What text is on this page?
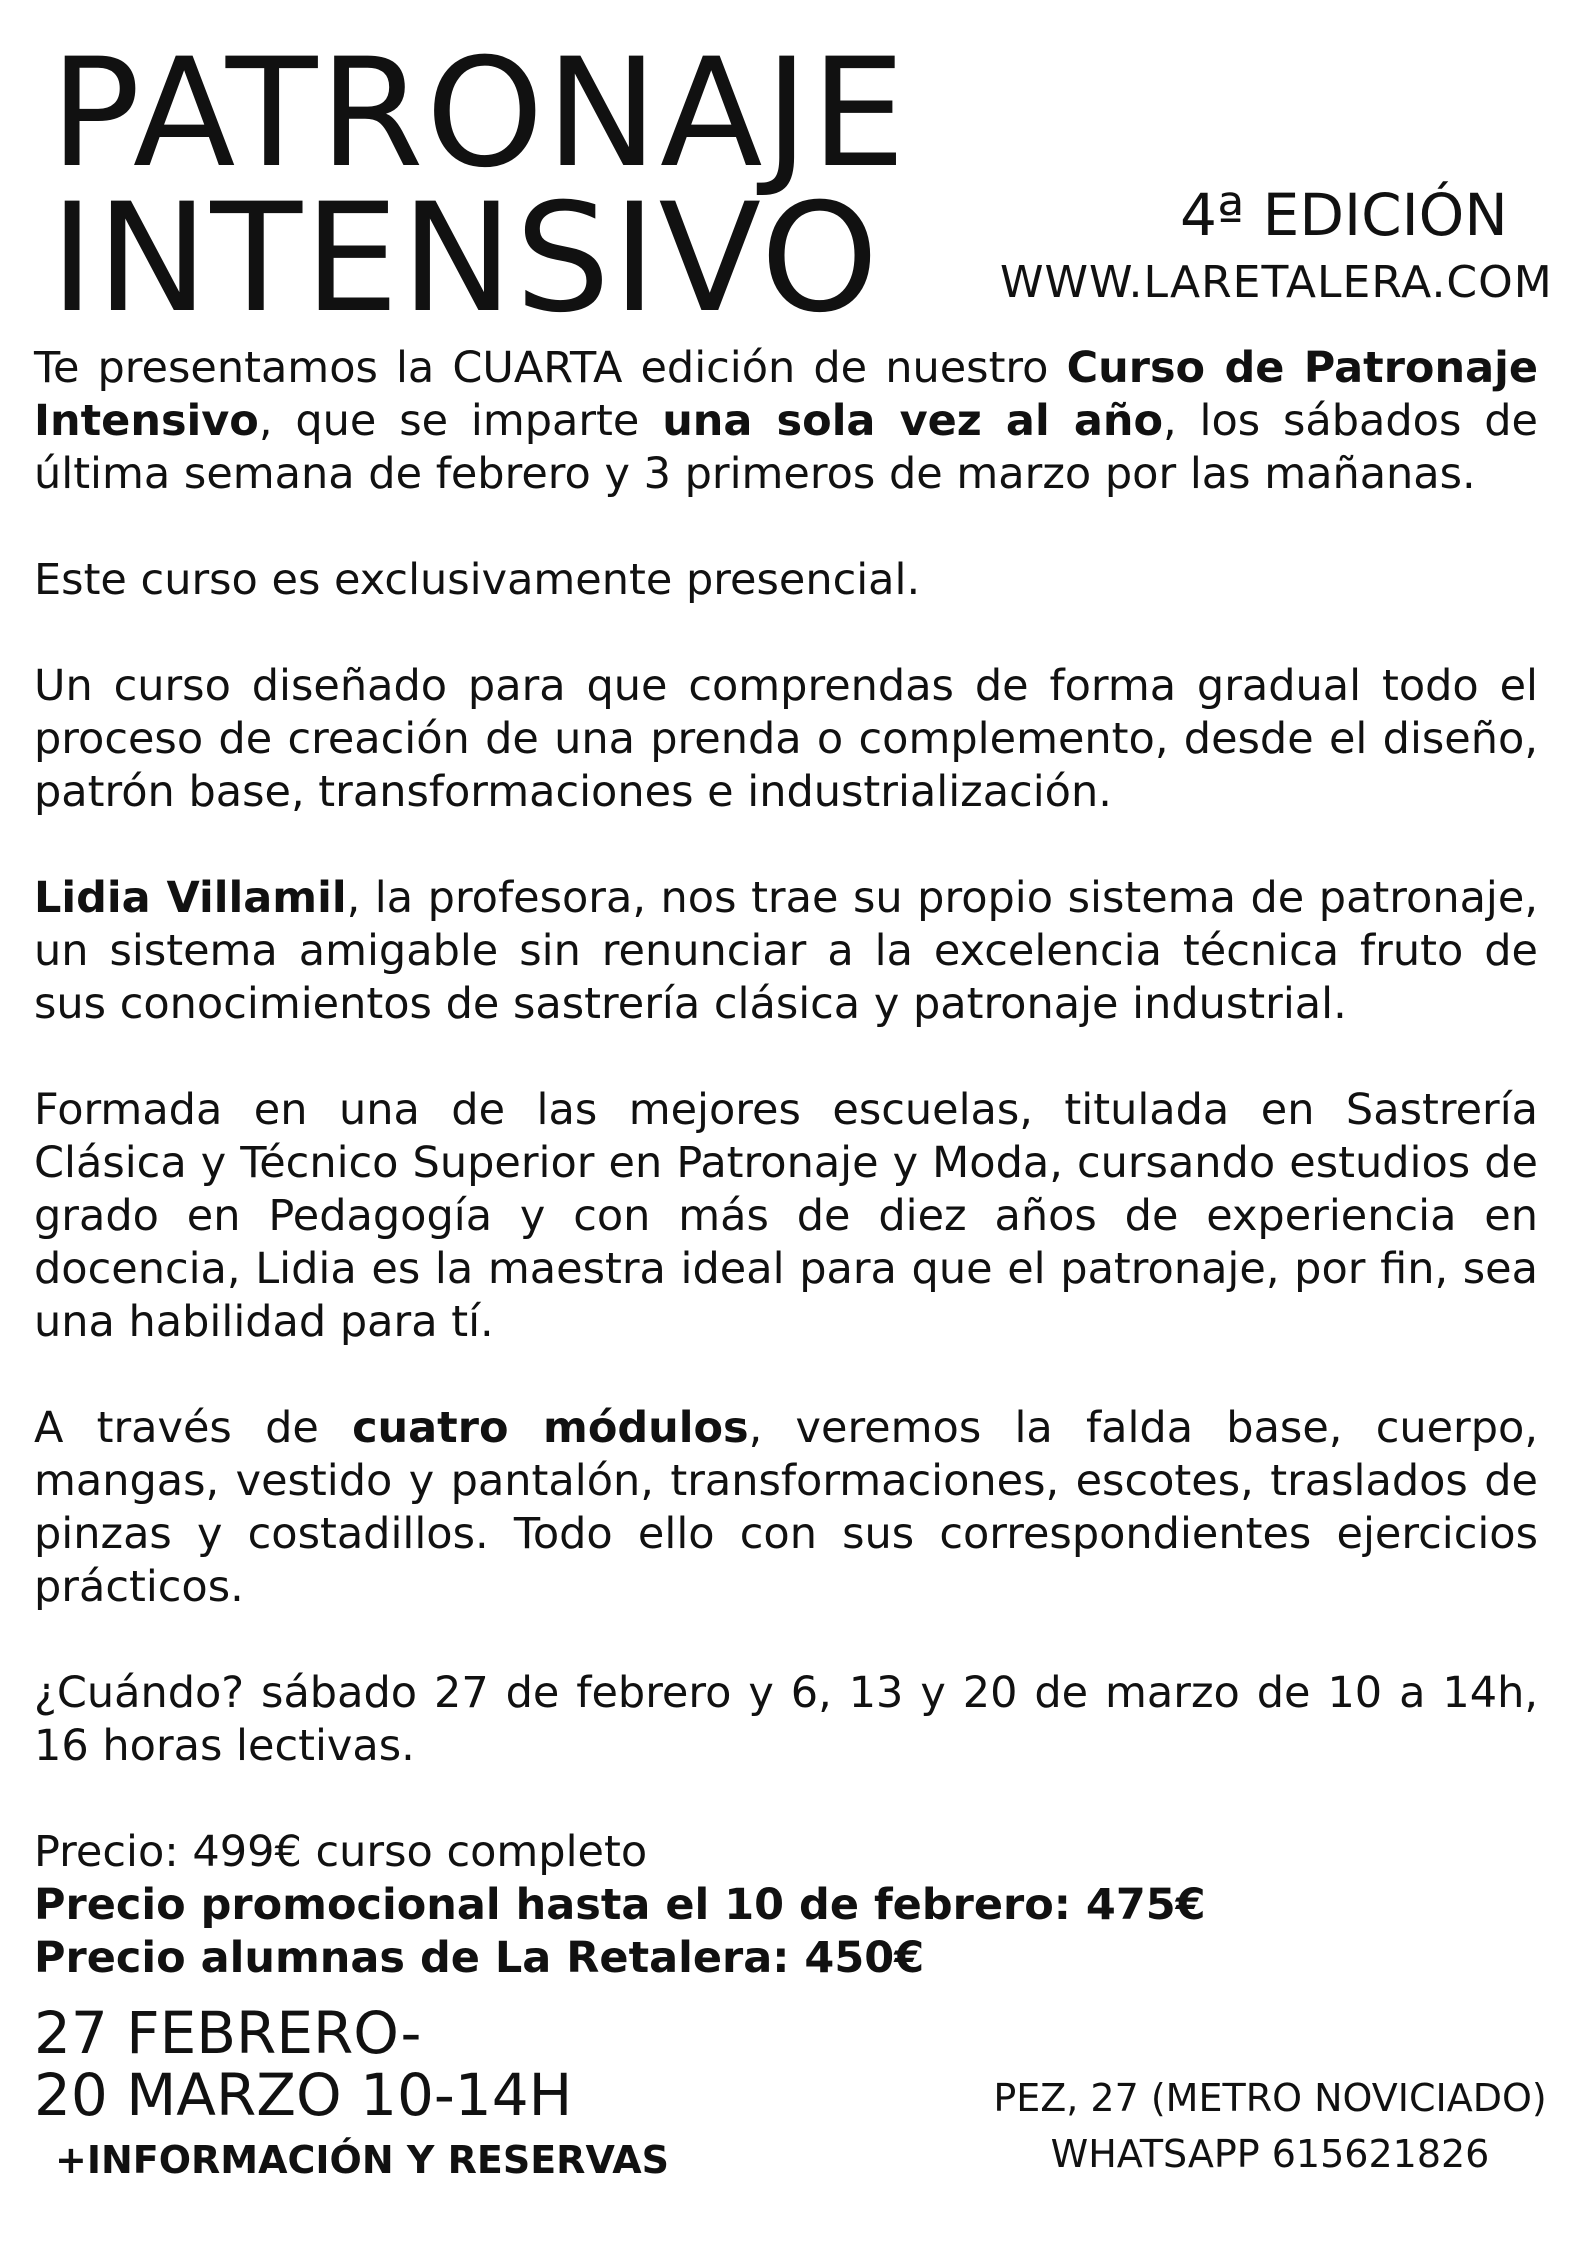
PATRONAJE
INTENSIVO	4ª EDICIÓN
WWW.LARETALERA.COM

Te presentamos la CUARTA edición de nuestro Curso de Patronaje Intensivo, que se imparte una sola vez al año, los sábados de última semana de febrero y 3 primeros de marzo por las mañanas.

Este curso es exclusivamente presencial.

Un curso diseñado para que comprendas de forma gradual todo el proceso de creación de una prenda o complemento, desde el diseño, patrón base, transformaciones e industrialización.

Lidia Villamil, la profesora, nos trae su propio sistema de patronaje, un sistema amigable sin renunciar a la excelencia técnica fruto de sus conocimientos de sastrería clásica y patronaje industrial.

Formada en una de las mejores escuelas, titulada en Sastrería Clásica y Técnico Superior en Patronaje y Moda, cursando estudios de grado en Pedagogía y con más de diez años de experiencia en docencia, Lidia es la maestra ideal para que el patronaje, por fin, sea una habilidad para tí.

A través de cuatro módulos, veremos la falda base, cuerpo, mangas, vestido y pantalón, transformaciones, escotes, traslados de pinzas y costadillos. Todo ello con sus correspondientes ejercicios prácticos.

¿Cuándo? sábado 27 de febrero y 6, 13 y 20 de marzo de 10 a 14h, 16 horas lectivas.

Precio: 499€ curso completo

Precio promocional hasta el 10 de febrero: 475€

Precio alumnas de La Retalera: 450€

27 FEBRERO-
20 MARZO 10-14H
+INFORMACIÓN Y RESERVAS
PEZ, 27 (METRO NOVICIADO)
WHATSAPP 615621826
